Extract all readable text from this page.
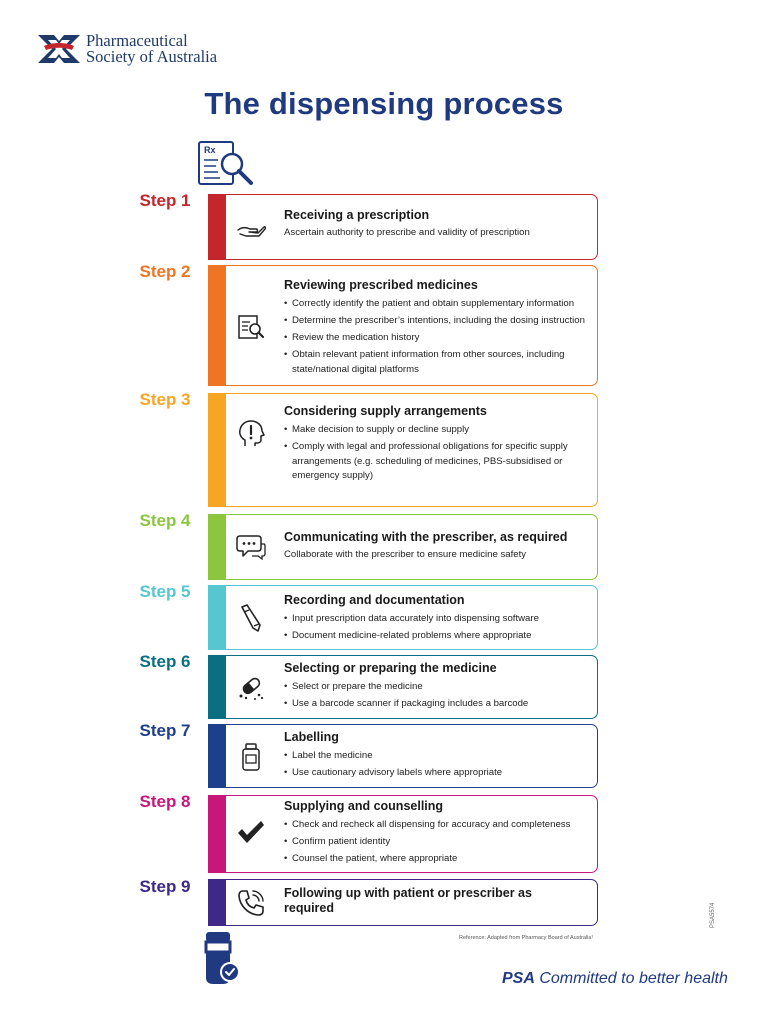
Pharmaceutical
Society of Australia
The dispensing process
Rx
Step 1
Receiving a prescription
Ascertain authority to prescribe and validity of prescription
Step 2
Reviewing prescribed medicines
• Correctly identify the patient and obtain supplementary information
• Determine the prescriber’s intentions, including the dosing instruction
• Review the medication history
• Obtain relevant patient information from other sources, including state/national digital platforms
Step 3
Considering supply arrangements
• Make decision to supply or decline supply
• Comply with legal and professional obligations for specific supply arrangements (e.g. scheduling of medicines, PBS-subsidised or emergency supply)
Step 4
Communicating with the prescriber, as required
Collaborate with the prescriber to ensure medicine safety
Step 5	Recording and documentation
• Input prescription data accurately into dispensing software
• Document medicine-related problems where appropriate
Step 6	Selecting or preparing the medicine
• Select or prepare the medicine
• Use a barcode scanner if packaging includes a barcode
Step 7	Labelling
• Label the medicine
• Use cautionary advisory labels where appropriate
Step 8	Supplying and counselling
• Check and recheck all dispensing for accuracy and completeness
• Confirm patient identity
• Counsel the patient, where appropriate
Step 9	Following up with patient or prescriber as required
Reference: Adapted from Pharmacy Board of Australia¹
PSA5574
PSA Committed to better health
